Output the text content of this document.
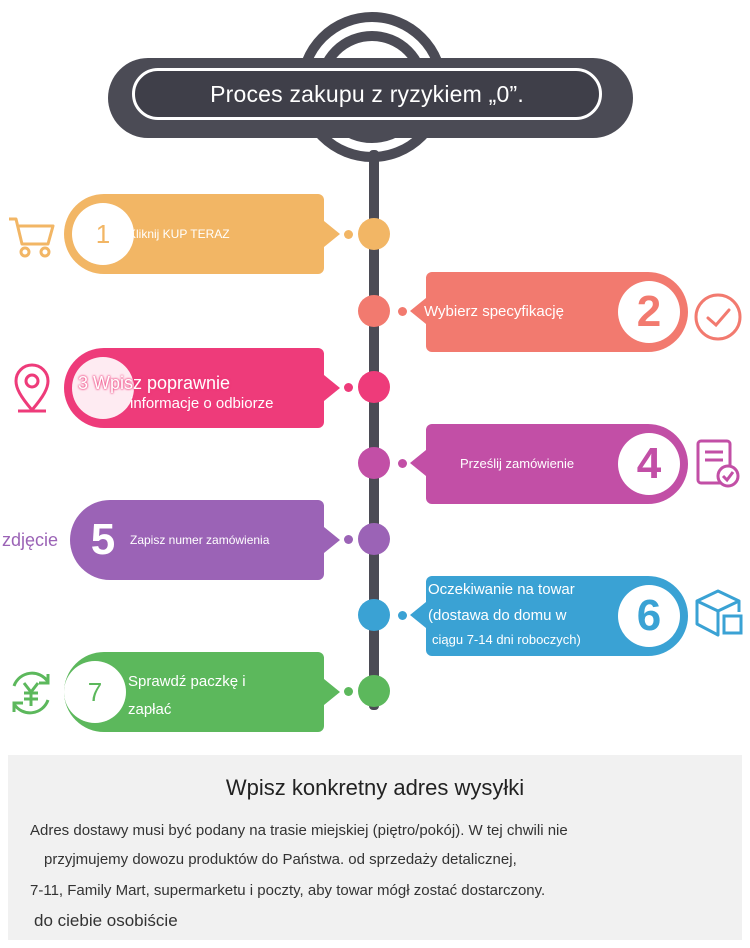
Proces zakupu z ryzykiem „0”.
1	Kliknij KUP TERAZ
Wybierz specyfikację	2
3 Wpisz poprawnie
informacje o odbiorze
Prześlij zamówienie	4
zdjęcie 5	Zapisz numer zamówienia
Oczekiwanie na towar
(dostawa do domu w
ciągu 7-14 dni roboczych)	6
7	Sprawdź paczkę i
zapłać
Wpisz konkretny adres wysyłki
Adres dostawy musi być podany na trasie miejskiej (piętro/pokój). W tej chwili nie
przyjmujemy dowozu produktów do Państwa. od sprzedaży detalicznej,
7-11, Family Mart, supermarketu i poczty, aby towar mógł zostać dostarczony.
do ciebie osobiście
